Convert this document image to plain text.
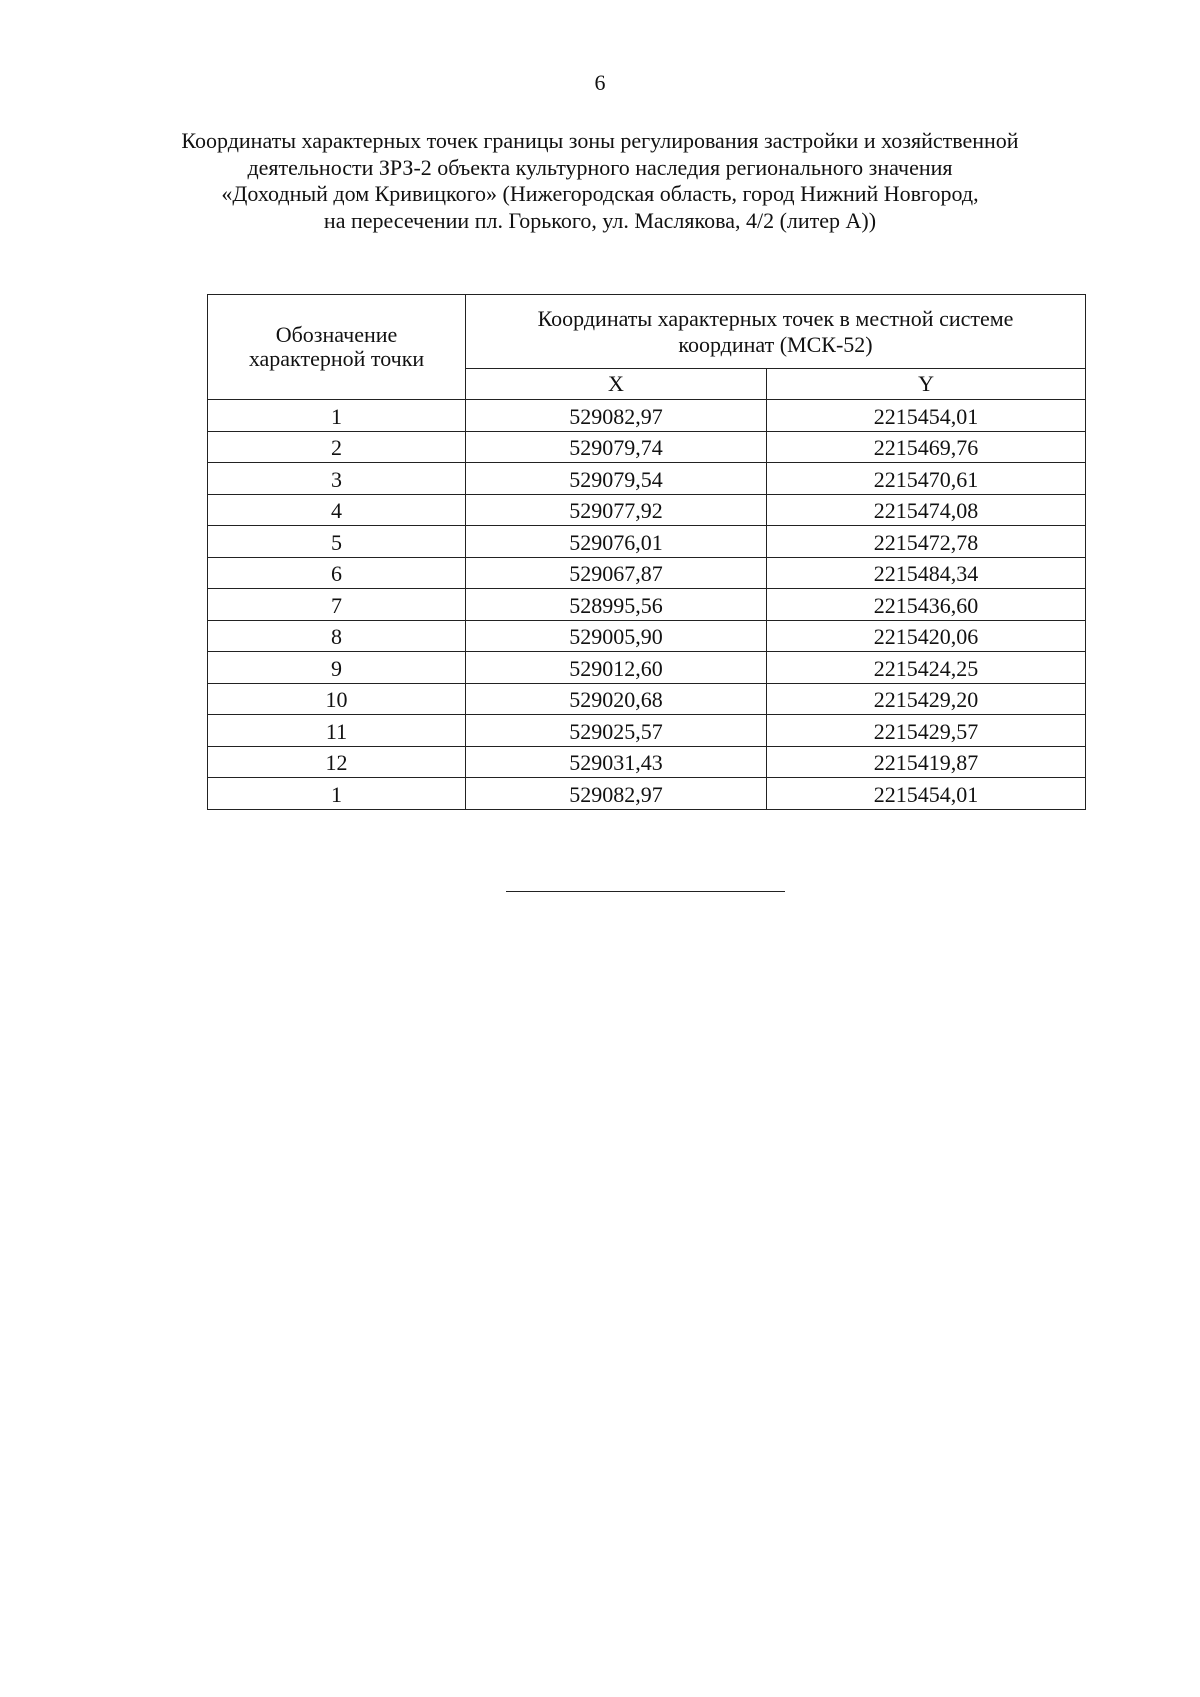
6
Координаты характерных точек границы зоны регулирования застройки и хозяйственной
деятельности ЗРЗ-2 объекта культурного наследия регионального значения
«Доходный дом Кривицкого» (Нижегородская область, город Нижний Новгород,
на пересечении пл. Горького, ул. Маслякова, 4/2 (литер А))
Обозначение
характерной точки	Координаты характерных точек в местной системе
координат (МСК-52)	

	X	Y
1	529082,97	2215454,01
2	529079,74	2215469,76
3	529079,54	2215470,61
4	529077,92	2215474,08
5	529076,01	2215472,78
6	529067,87	2215484,34
7	528995,56	2215436,60
8	529005,90	2215420,06
9	529012,60	2215424,25
10	529020,68	2215429,20
11	529025,57	2215429,57
12	529031,43	2215419,87
1	529082,97	2215454,01
